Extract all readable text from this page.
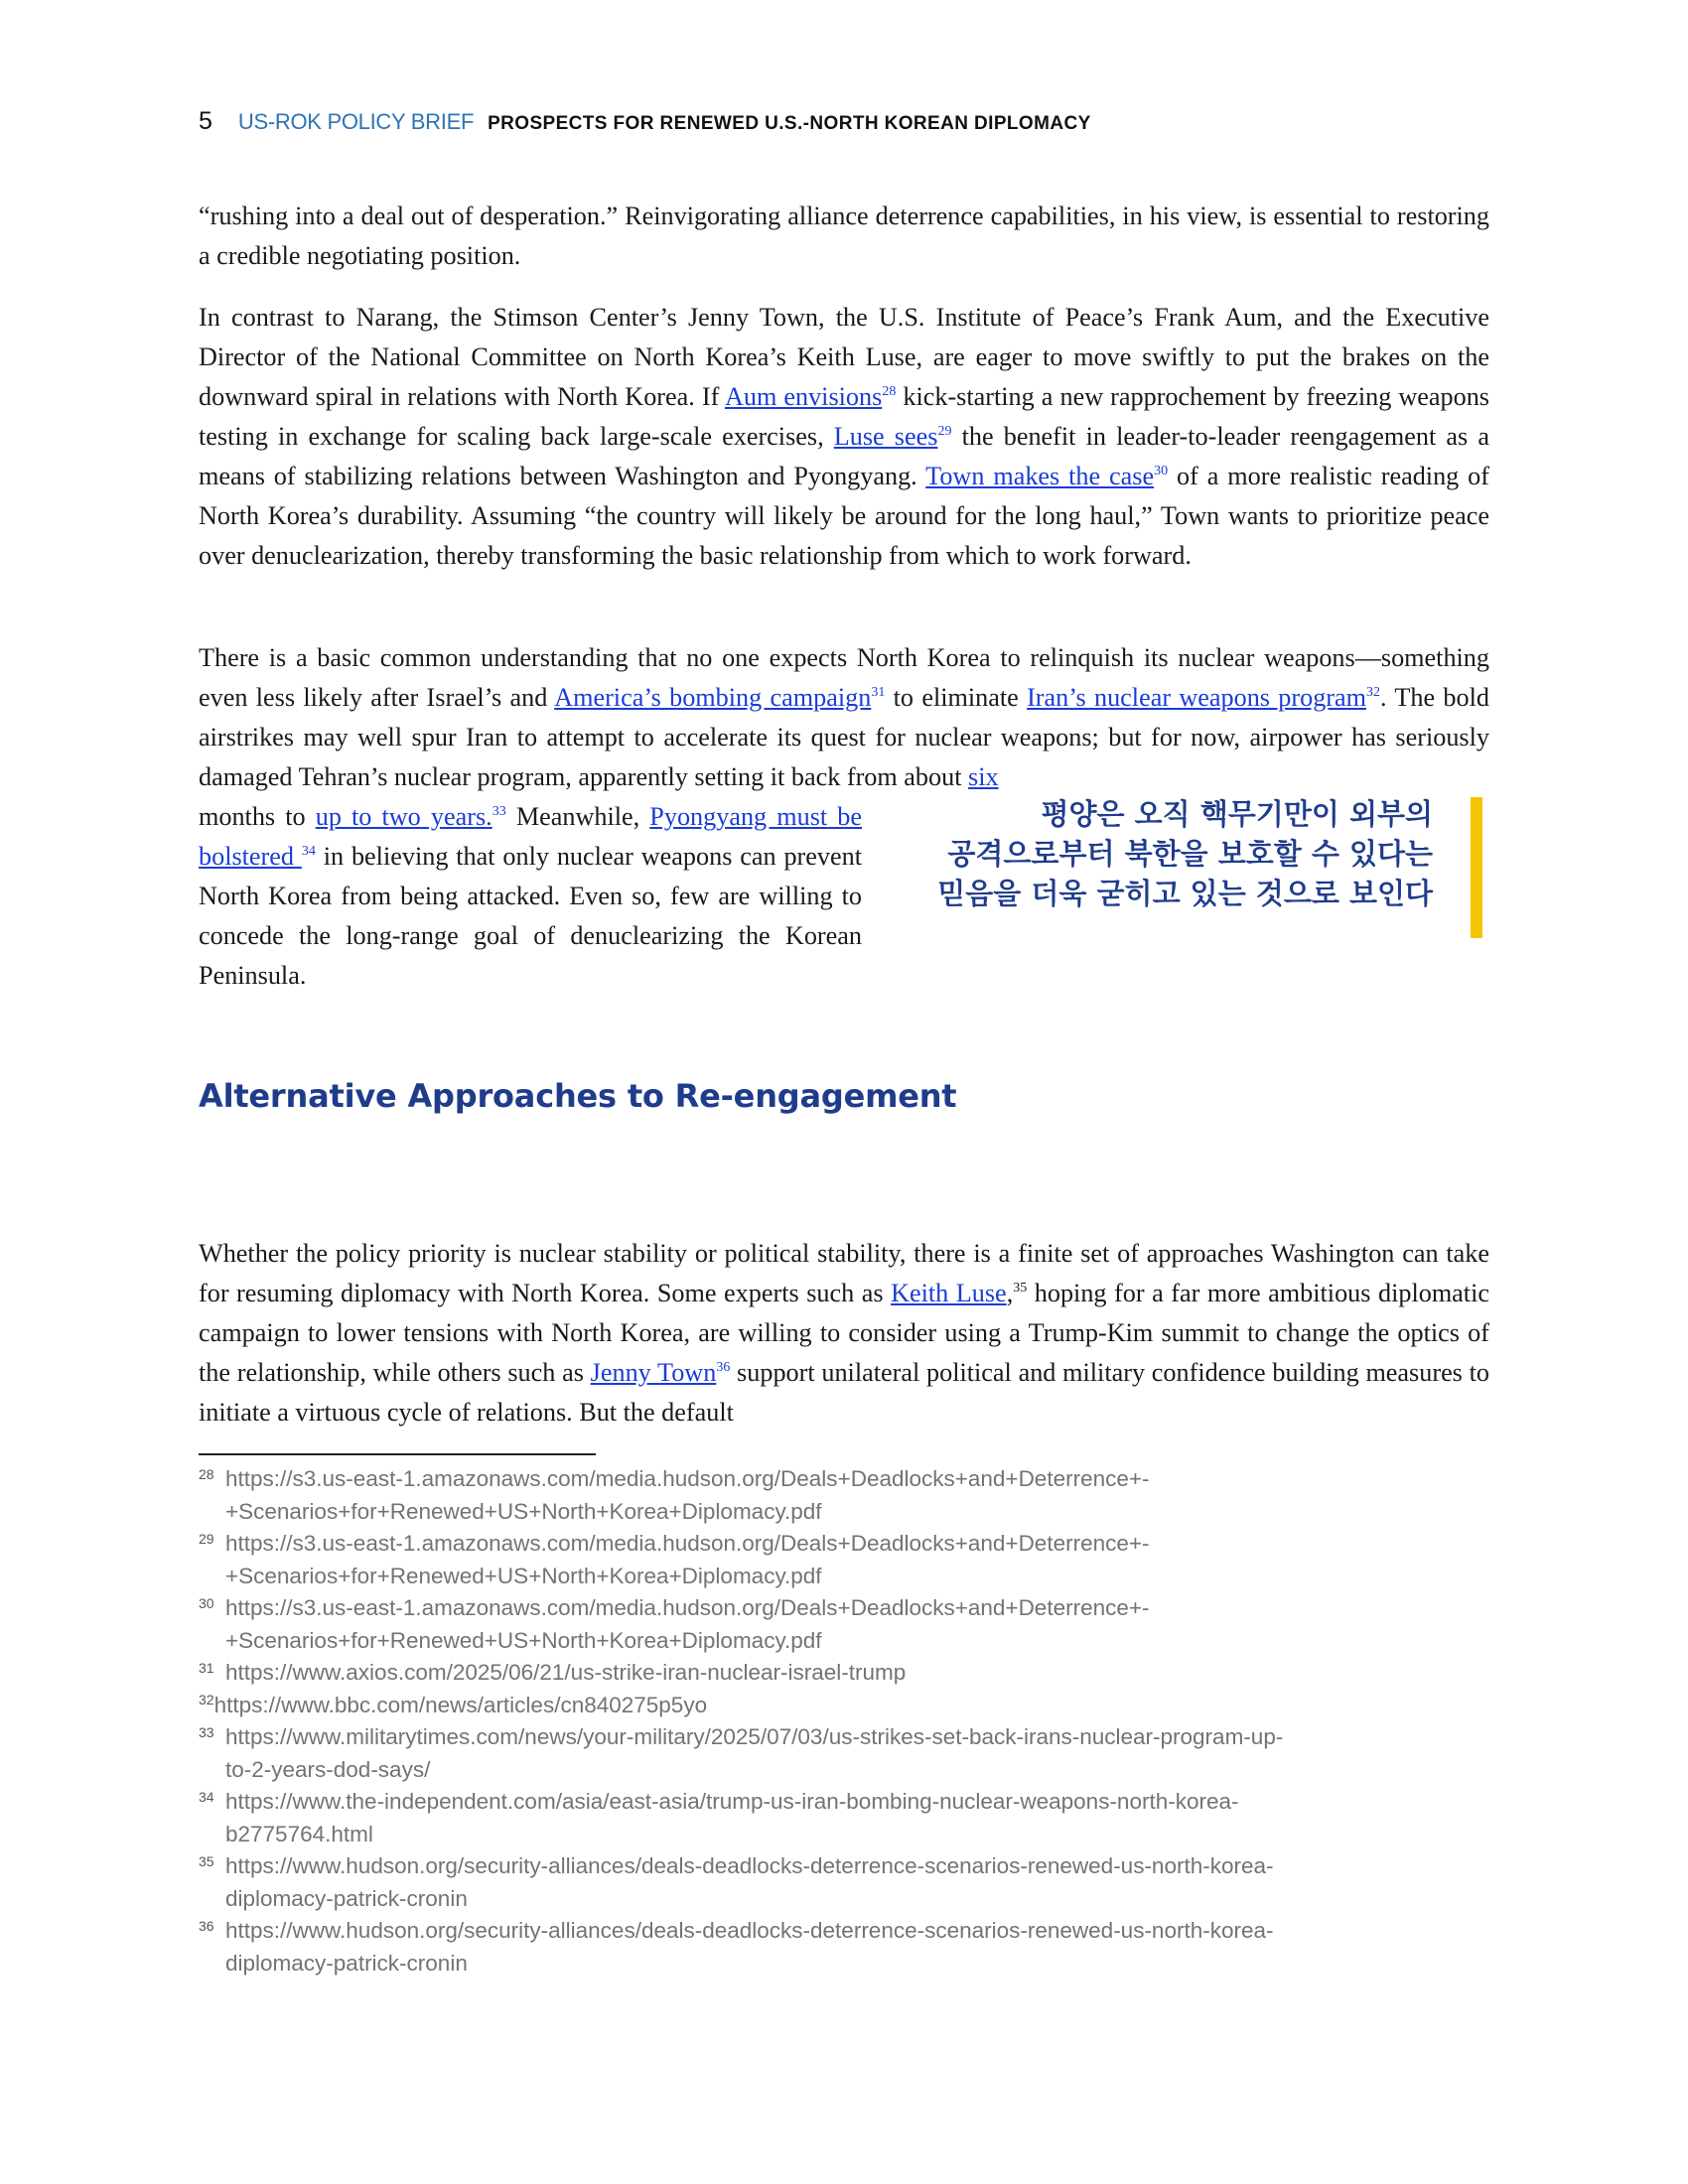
5 US-ROK POLICY BRIEF PROSPECTS FOR RENEWED U.S.-NORTH KOREAN DIPLOMACY

“rushing into a deal out of desperation.” Reinvigorating alliance deterrence capabilities, in his view, is essential to restoring a credible negotiating position.

In contrast to Narang, the Stimson Center’s Jenny Town, the U.S. Institute of Peace’s Frank Aum, and the Executive Director of the National Committee on North Korea’s Keith Luse, are eager to move swiftly to put the brakes on the downward spiral in relations with North Korea. If Aum envisions$^{28}$ kick-starting a new rapprochement by freezing weapons testing in exchange for scaling back large-scale exercises, Luse sees$^{29}$ the benefit in leader-to-leader reengagement as a means of stabilizing relations between Washington and Pyongyang. Town makes the case$^{30}$ of a more realistic reading of North Korea’s durability. Assuming “the country will likely be around for the long haul,” Town wants to prioritize peace over denuclearization, thereby transforming the basic relationship from which to work forward.

There is a basic common understanding that no one expects North Korea to relinquish its nuclear weapons—something even less likely after Israel’s and America’s bombing campaign$^{31}$ to eliminate Iran’s nuclear weapons program$^{32}$. The bold airstrikes may well spur Iran to attempt to accelerate its quest for nuclear weapons; but for now, airpower has seriously damaged Tehran’s nuclear program, apparently setting it back from about six

months to up to two years.$^{33}$ Meanwhile, Pyongyang must be bolstered $^{34}$ in believing that only nuclear weapons can prevent North Korea from being attacked. Even so, few are willing to concede the long-range goal of denuclearizing the Korean Peninsula.

평양은 오직 핵무기만이 외부의
공격으로부터 북한을 보호할 수 있다는
믿음을 더욱 굳히고 있는 것으로 보인다
Alternative Approaches to Re-engagement

Whether the policy priority is nuclear stability or political stability, there is a finite set of approaches Washington can take for resuming diplomacy with North Korea. Some experts such as Keith Luse,$^{35}$ hoping for a far more ambitious diplomatic campaign to lower tensions with North Korea, are willing to consider using a Trump-Kim summit to change the optics of the relationship, while others such as Jenny Town$^{36}$ support unilateral political and military confidence building measures to initiate a virtuous cycle of relations. But the default

28 https://s3.us-east-1.amazonaws.com/media.hudson.org/Deals+Deadlocks+and+Deterrence+-
+Scenarios+for+Renewed+US+North+Korea+Diplomacy.pdf
29 https://s3.us-east-1.amazonaws.com/media.hudson.org/Deals+Deadlocks+and+Deterrence+-
+Scenarios+for+Renewed+US+North+Korea+Diplomacy.pdf
30 https://s3.us-east-1.amazonaws.com/media.hudson.org/Deals+Deadlocks+and+Deterrence+-
+Scenarios+for+Renewed+US+North+Korea+Diplomacy.pdf
31 https://www.axios.com/2025/06/21/us-strike-iran-nuclear-israel-trump
$^{32}$https://www.bbc.com/news/articles/cn840275p5yo
33 https://www.militarytimes.com/news/your-military/2025/07/03/us-strikes-set-back-irans-nuclear-program-up-
to-2-years-dod-says/
34 https://www.the-independent.com/asia/east-asia/trump-us-iran-bombing-nuclear-weapons-north-korea-
b2775764.html
35 https://www.hudson.org/security-alliances/deals-deadlocks-deterrence-scenarios-renewed-us-north-korea-
diplomacy-patrick-cronin
36 https://www.hudson.org/security-alliances/deals-deadlocks-deterrence-scenarios-renewed-us-north-korea-
diplomacy-patrick-cronin
